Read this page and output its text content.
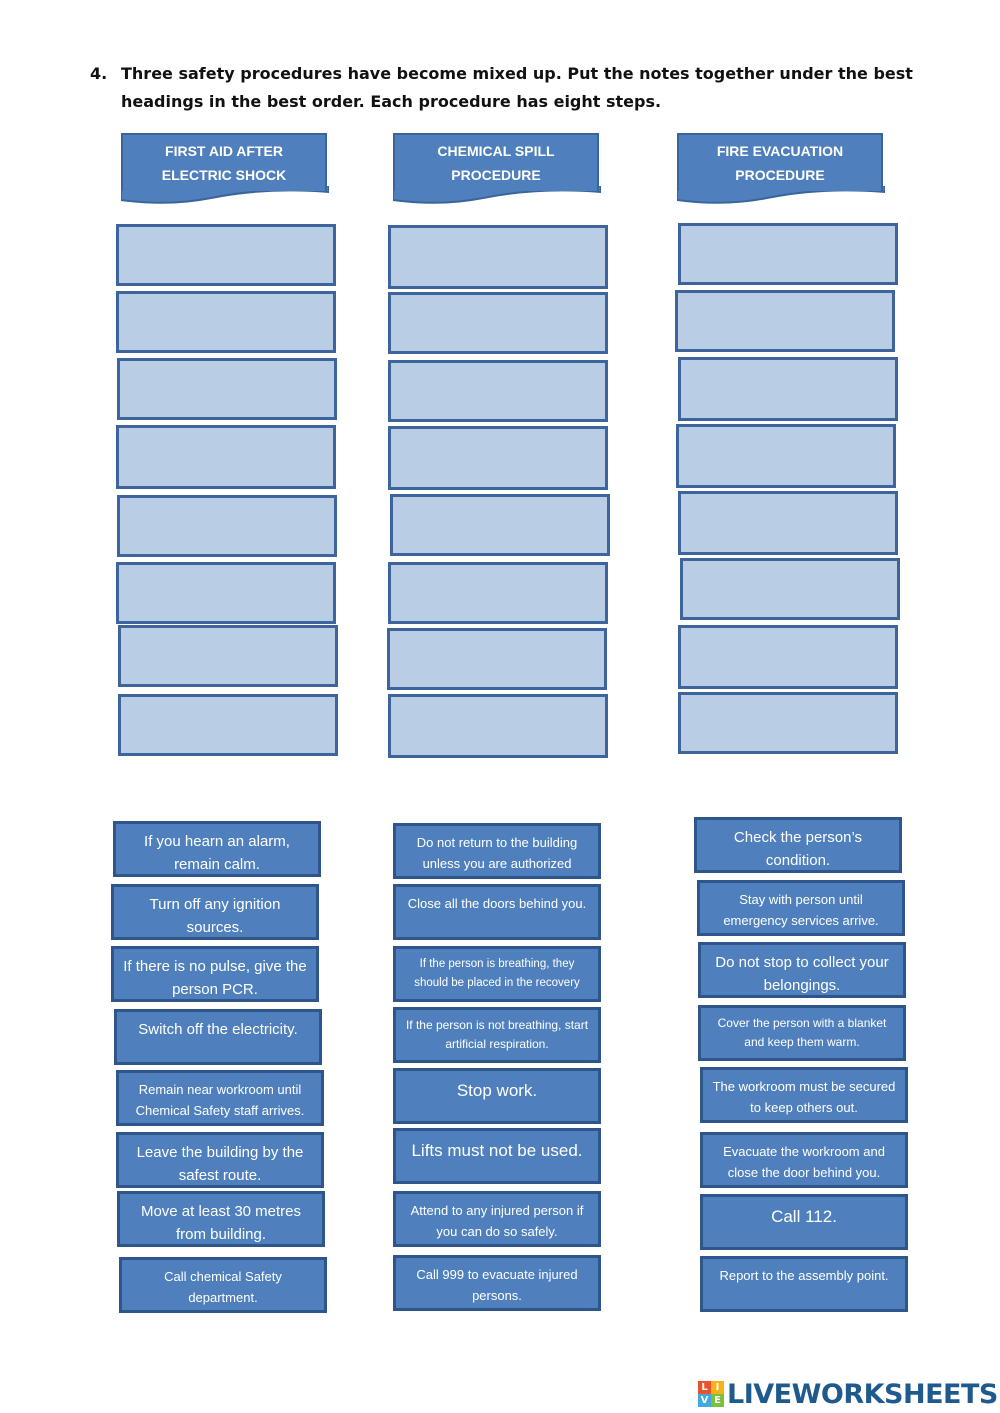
4. Three safety procedures have become mixed up. Put the notes together under the best headings in the best order. Each procedure has eight steps.
FIRST AID AFTER ELECTRIC SHOCK
CHEMICAL SPILL PROCEDURE
FIRE EVACUATION PROCEDURE
If you hearn an alarm, remain calm.
Turn off any ignition sources.
If there is no pulse, give the person PCR.
Switch off the electricity.
Remain near workroom until Chemical Safety staff arrives.
Leave the building by the safest route.
Move at least 30 metres from building.
Call chemical Safety department.
Do not return to the building unless you are authorized
Close all the doors behind you.
If the person is breathing, they should be placed in the recovery
If the person is not breathing, start artificial respiration.
Stop work.
Lifts must not be used.
Attend to any injured person if you can do so safely.
Call 999 to evacuate injured persons.
Check the person’s condition.
Stay with person until emergency services arrive.
Do not stop to collect your belongings.
Cover the person with a blanket and keep them warm.
The workroom must be secured to keep others out.
Evacuate the workroom and close the door behind you.
Call 112.
Report to the assembly point.
L I
V E LIVEWORKSHEETS
